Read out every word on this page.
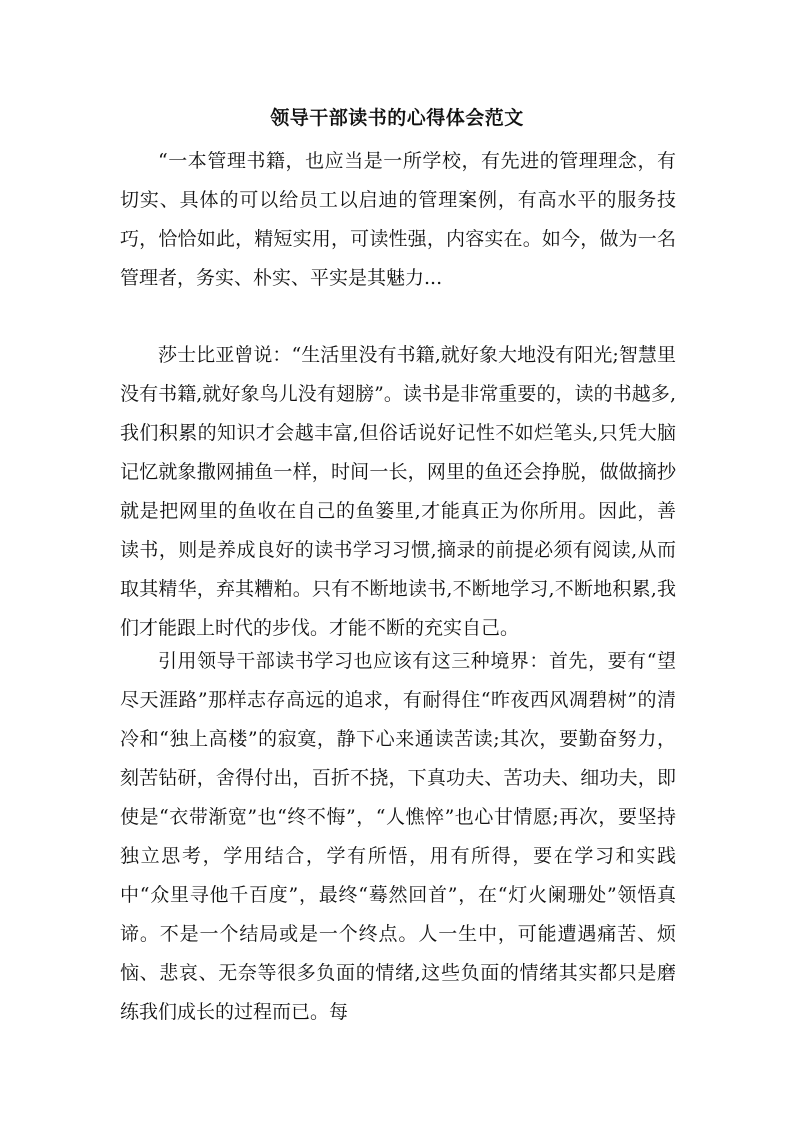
领导干部读书的心得体会范文

“一本管理书籍，也应当是一所学校，有先进的管理理念，有切实、具体的可以给员工以启迪的管理案例，有高水平的服务技巧，恰恰如此，精短实用，可读性强，内容实在。如今，做为一名管理者，务实、朴实、平实是其魅力...

莎士比亚曾说：“生活里没有书籍,就好象大地没有阳光;智慧里没有书籍,就好象鸟儿没有翅膀”。读书是非常重要的，读的书越多,我们积累的知识才会越丰富,但俗话说好记性不如烂笔头,只凭大脑记忆就象撒网捕鱼一样，时间一长，网里的鱼还会挣脱，做做摘抄就是把网里的鱼收在自己的鱼篓里,才能真正为你所用。因此，善读书，则是养成良好的读书学习习惯,摘录的前提必须有阅读,从而取其精华，弃其糟粕。只有不断地读书,不断地学习,不断地积累,我们才能跟上时代的步伐。才能不断的充实自己。

引用领导干部读书学习也应该有这三种境界：首先，要有“望尽天涯路”那样志存高远的追求，有耐得住“昨夜西风凋碧树”的清冷和“独上高楼”的寂寞，静下心来通读苦读;其次，要勤奋努力，刻苦钻研，舍得付出，百折不挠，下真功夫、苦功夫、细功夫，即使是“衣带渐宽”也“终不悔”，“人憔悴”也心甘情愿;再次，要坚持独立思考，学用结合，学有所悟，用有所得，要在学习和实践中“众里寻他千百度”，最终“蓦然回首”，在“灯火阑珊处”领悟真谛。不是一个结局或是一个终点。人一生中，可能遭遇痛苦、烦恼、悲哀、无奈等很多负面的情绪,这些负面的情绪其实都只是磨练我们成长的过程而已。每
